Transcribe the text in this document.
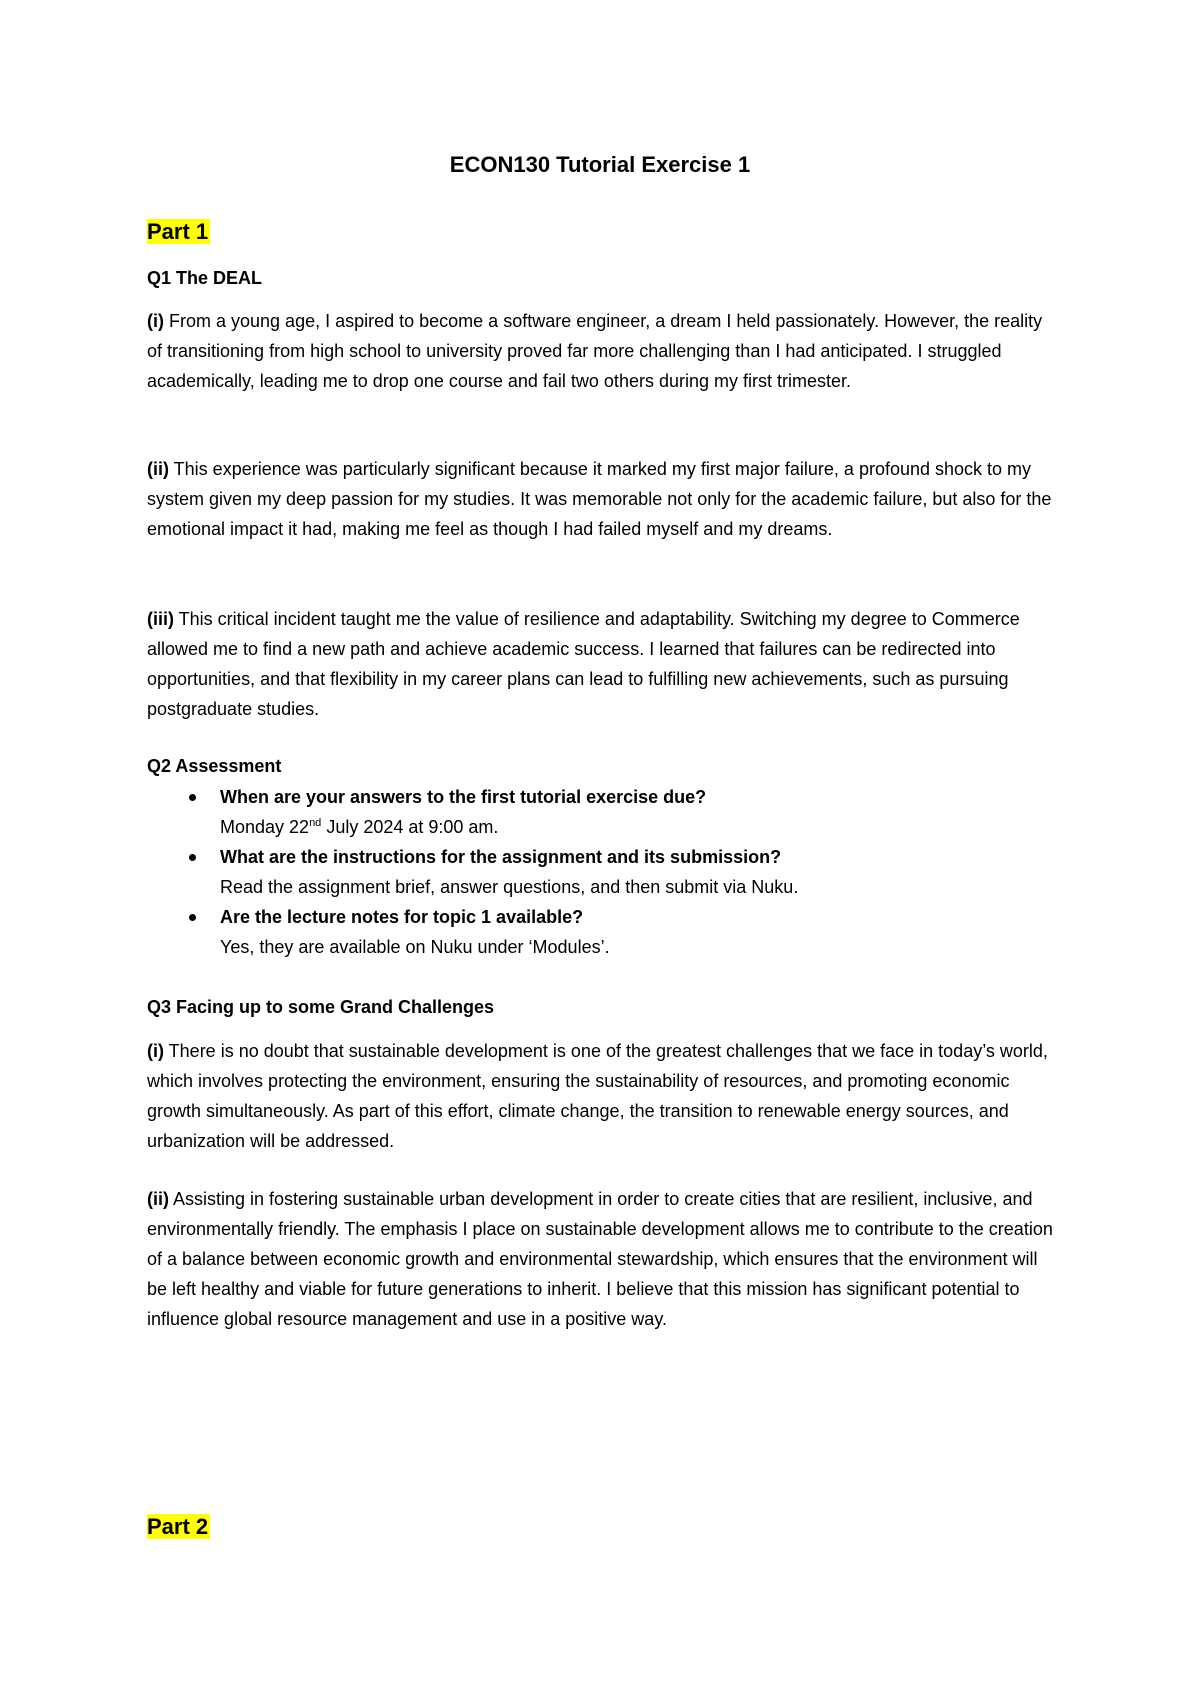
ECON130 Tutorial Exercise 1
Part 1
Q1 The DEAL

(i) From a young age, I aspired to become a software engineer, a dream I held passionately. However, the reality of transitioning from high school to university proved far more challenging than I had anticipated. I struggled academically, leading me to drop one course and fail two others during my first trimester.

(ii) This experience was particularly significant because it marked my first major failure, a profound shock to my system given my deep passion for my studies. It was memorable not only for the academic failure, but also for the emotional impact it had, making me feel as though I had failed myself and my dreams.

(iii) This critical incident taught me the value of resilience and adaptability. Switching my degree to Commerce allowed me to find a new path and achieve academic success. I learned that failures can be redirected into opportunities, and that flexibility in my career plans can lead to fulfilling new achievements, such as pursuing postgraduate studies.

Q2 Assessment
When are your answers to the first tutorial exercise due?
Monday 22nd July 2024 at 9:00 am.
What are the instructions for the assignment and its submission?
Read the assignment brief, answer questions, and then submit via Nuku.
Are the lecture notes for topic 1 available?
Yes, they are available on Nuku under ‘Modules’.
Q3 Facing up to some Grand Challenges

(i) There is no doubt that sustainable development is one of the greatest challenges that we face in today’s world, which involves protecting the environment, ensuring the sustainability of resources, and promoting economic growth simultaneously. As part of this effort, climate change, the transition to renewable energy sources, and urbanization will be addressed.

(ii) Assisting in fostering sustainable urban development in order to create cities that are resilient, inclusive, and environmentally friendly. The emphasis I place on sustainable development allows me to contribute to the creation of a balance between economic growth and environmental stewardship, which ensures that the environment will be left healthy and viable for future generations to inherit. I believe that this mission has significant potential to influence global resource management and use in a positive way.

Part 2
